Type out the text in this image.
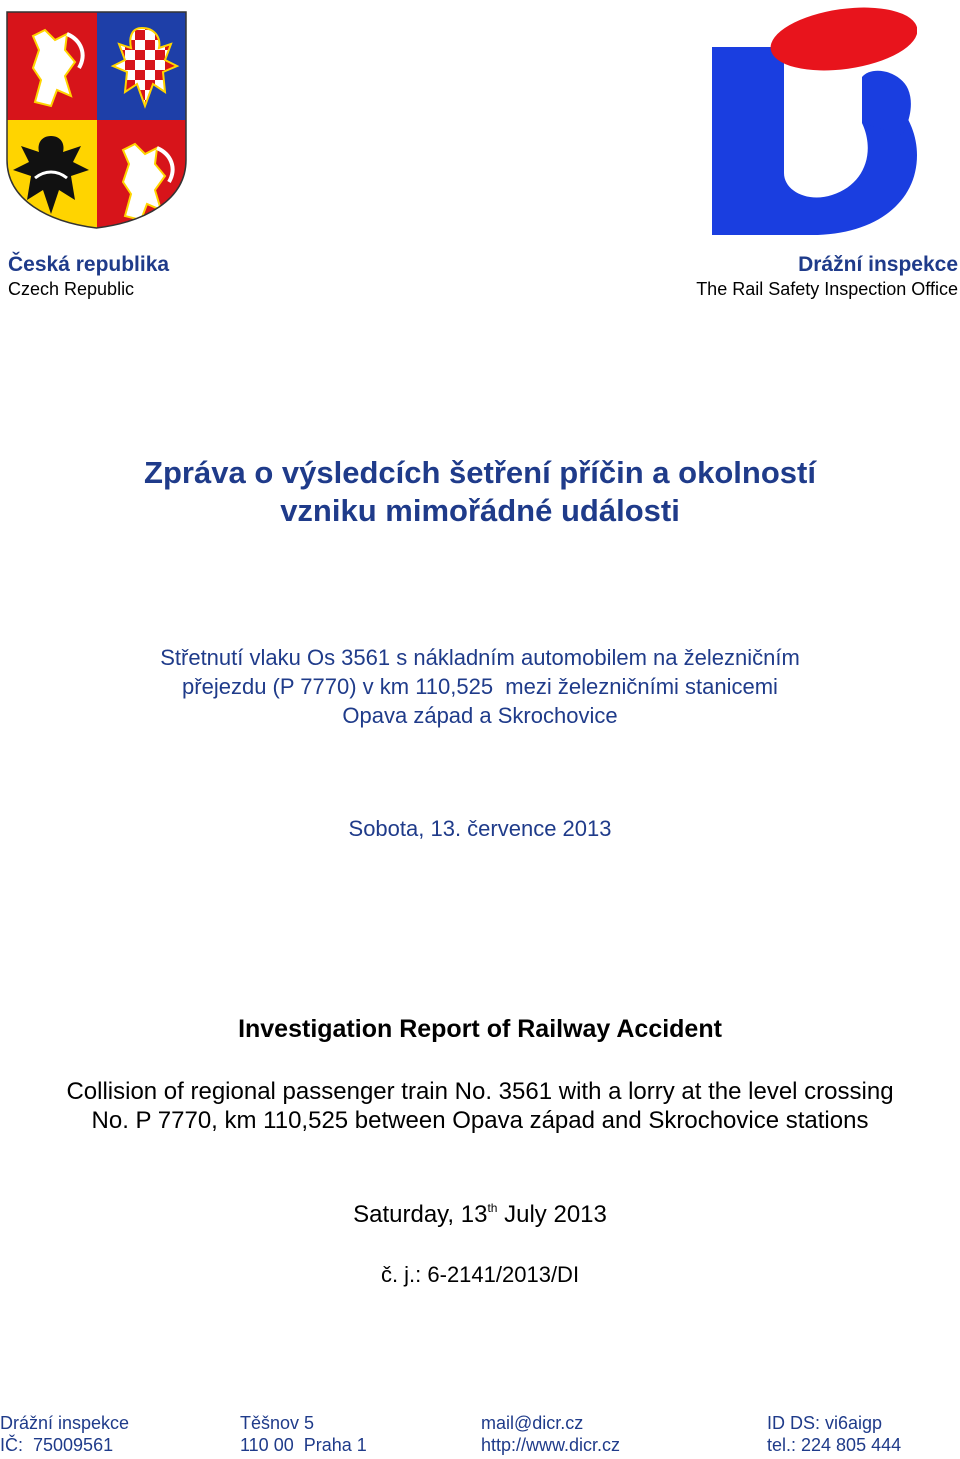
Česká republika
Czech Republic
Drážní inspekce
The Rail Safety Inspection Office
Zpráva o výsledcích šetření příčin a okolností
vzniku mimořádné události
Střetnutí vlaku Os 3561 s nákladním automobilem na železničním
přejezdu (P 7770) v km 110,525  mezi železničními stanicemi
Opava západ a Skrochovice
Sobota, 13. července 2013
Investigation Report of Railway Accident
Collision of regional passenger train No. 3561 with a lorry at the level crossing
No. P 7770, km 110,525 between Opava západ and Skrochovice stations
Saturday, 13th July 2013
č. j.: 6-2141/2013/DI
Drážní inspekce
IČ:  75009561
Těšnov 5
110 00  Praha 1
mail@dicr.cz
http://www.dicr.cz
ID DS: vi6aigp
tel.: 224 805 444
